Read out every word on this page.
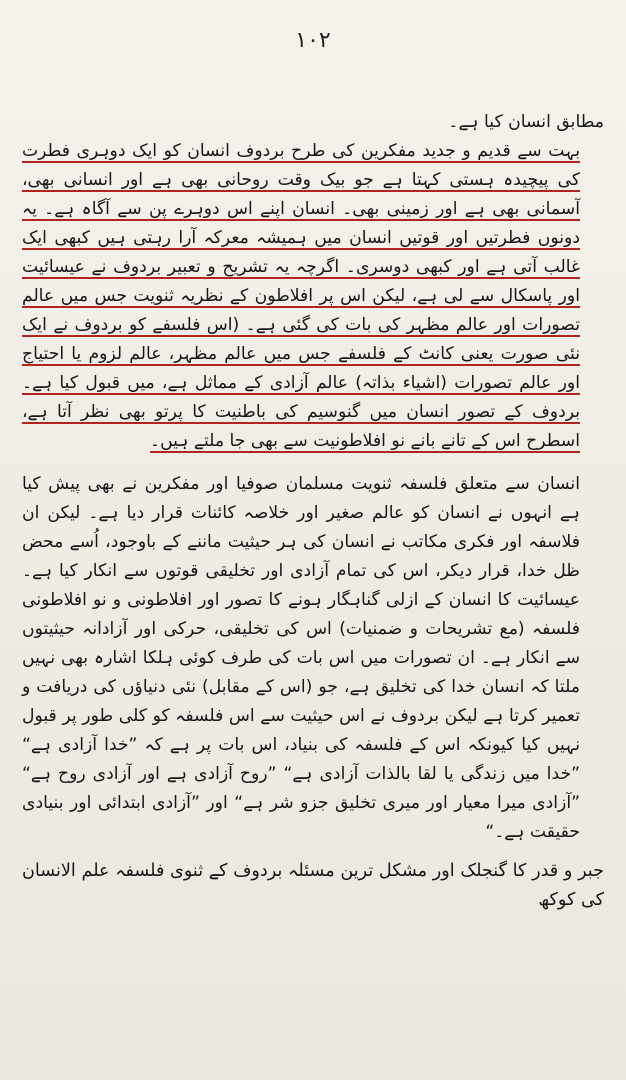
١٠٢

مطابق انسان کیا ہے۔

بہت سے قدیم و جدید مفکرین کی طرح بردوف انسان کو ایک دوہری فطرت کی پیچیدہ ہستی کہتا ہے جو بیک وقت روحانی بھی ہے اور انسانی بھی، آسمانی بھی ہے اور زمینی بھی۔ انسان اپنے اس دوہرے پن سے آگاہ ہے۔ یہ دونوں فطرتیں اور قوتیں انسان میں ہمیشہ معرکہ آرا رہتی ہیں کبھی ایک غالب آتی ہے اور کبھی دوسری۔ اگرچہ یہ تشریح و تعبیر بردوف نے عیسائیت اور پاسکال سے لی ہے، لیکن اس پر افلاطون کے نظریہ ثنویت جس میں عالم تصورات اور عالم مظہر کی بات کی گئی ہے۔ (اس فلسفے کو بردوف نے ایک نئی صورت یعنی کانٹ کے فلسفے جس میں عالم مظہر، عالم لزوم یا احتیاج اور عالم تصورات (اشیاء بذاتہ) عالم آزادی کے مماثل ہے، میں قبول کیا ہے۔ بردوف کے تصور انسان میں گنوسیم کی باطنیت کا پرتو بھی نظر آتا ہے، اسطرح اس کے تانے بانے نو افلاطونیت سے بھی جا ملتے ہیں۔

انسان سے متعلق فلسفہ ثنویت مسلمان صوفیا اور مفکرین نے بھی پیش کیا ہے انہوں نے انسان کو عالم صغیر اور خلاصہ کائنات قرار دیا ہے۔ لیکن ان فلاسفہ اور فکری مکاتب نے انسان کی ہر حیثیت ماننے کے باوجود، اُسے محض ظل خدا، قرار دیکر، اس کی تمام آزادی اور تخلیقی قوتوں سے انکار کیا ہے۔ عیسائیت کا انسان کے ازلی گناہگار ہونے کا تصور اور افلاطونی و نو افلاطونی فلسفہ (مع تشریحات و ضمنیات) اس کی تخلیقی، حرکی اور آزادانہ حیثیتوں سے انکار ہے۔ ان تصورات میں اس بات کی طرف کوئی ہلکا اشارہ بھی نہیں ملتا کہ انسان خدا کی تخلیق ہے، جو (اس کے مقابل) نئی دنیاؤں کی دریافت و تعمیر کرتا ہے لیکن بردوف نے اس حیثیت سے اس فلسفہ کو کلی طور پر قبول نہیں کیا کیونکہ اس کے فلسفہ کی بنیاد، اس بات پر ہے کہ ”خدا آزادی ہے“ ”خدا میں زندگی یا لقا بالذات آزادی ہے“ ”روح آزادی ہے اور آزادی روح ہے“ ”آزادی میرا معیار اور میری تخلیق جزو شر ہے“ اور ”آزادی ابتدائی اور بنیادی حقیقت ہے۔“

جبر و قدر کا گنجلک اور مشکل ترین مسئلہ بردوف کے ثنوی فلسفہ علم الانسان کی کوکھ
